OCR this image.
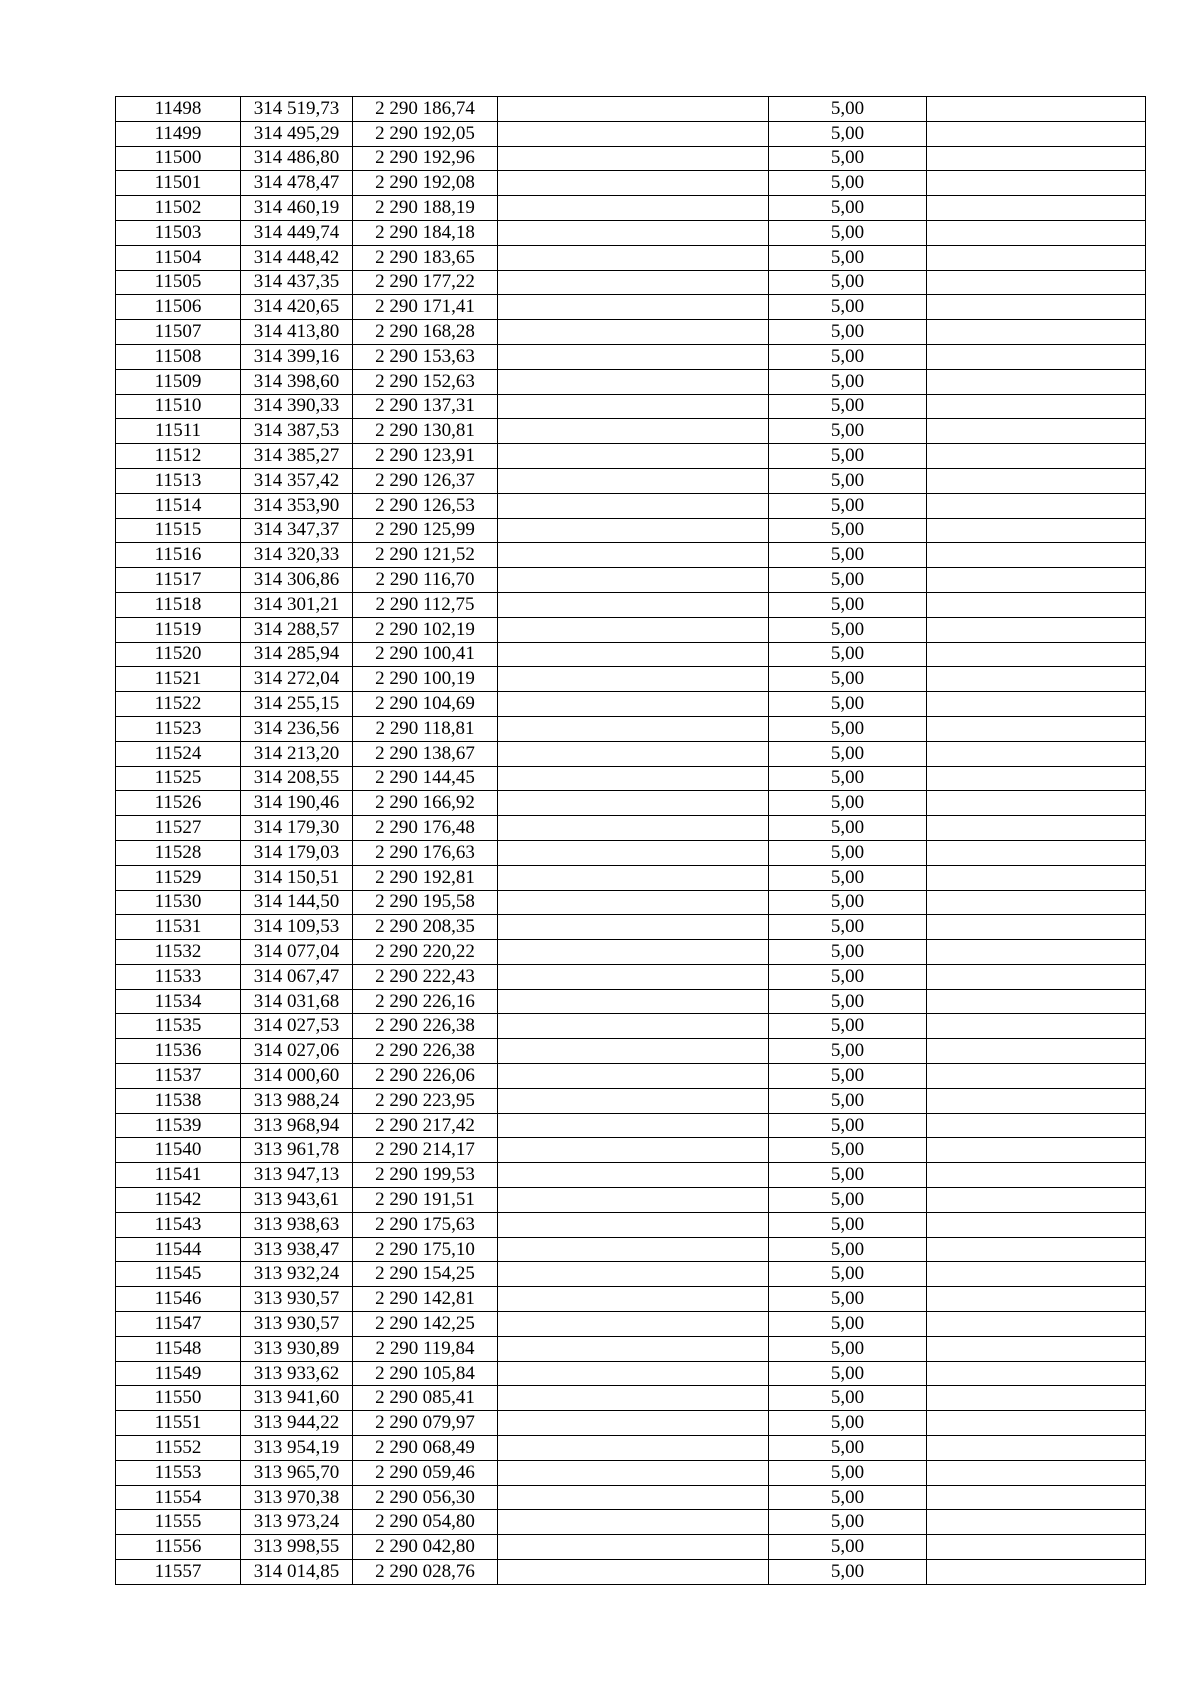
11498	314 519,73	2 290 186,74		5,00	
11499	314 495,29	2 290 192,05		5,00	
11500	314 486,80	2 290 192,96		5,00	
11501	314 478,47	2 290 192,08		5,00	
11502	314 460,19	2 290 188,19		5,00	
11503	314 449,74	2 290 184,18		5,00	
11504	314 448,42	2 290 183,65		5,00	
11505	314 437,35	2 290 177,22		5,00	
11506	314 420,65	2 290 171,41		5,00	
11507	314 413,80	2 290 168,28		5,00	
11508	314 399,16	2 290 153,63		5,00	
11509	314 398,60	2 290 152,63		5,00	
11510	314 390,33	2 290 137,31		5,00	
11511	314 387,53	2 290 130,81		5,00	
11512	314 385,27	2 290 123,91		5,00	
11513	314 357,42	2 290 126,37		5,00	
11514	314 353,90	2 290 126,53		5,00	
11515	314 347,37	2 290 125,99		5,00	
11516	314 320,33	2 290 121,52		5,00	
11517	314 306,86	2 290 116,70		5,00	
11518	314 301,21	2 290 112,75		5,00	
11519	314 288,57	2 290 102,19		5,00	
11520	314 285,94	2 290 100,41		5,00	
11521	314 272,04	2 290 100,19		5,00	
11522	314 255,15	2 290 104,69		5,00	
11523	314 236,56	2 290 118,81		5,00	
11524	314 213,20	2 290 138,67		5,00	
11525	314 208,55	2 290 144,45		5,00	
11526	314 190,46	2 290 166,92		5,00	
11527	314 179,30	2 290 176,48		5,00	
11528	314 179,03	2 290 176,63		5,00	
11529	314 150,51	2 290 192,81		5,00	
11530	314 144,50	2 290 195,58		5,00	
11531	314 109,53	2 290 208,35		5,00	
11532	314 077,04	2 290 220,22		5,00	
11533	314 067,47	2 290 222,43		5,00	
11534	314 031,68	2 290 226,16		5,00	
11535	314 027,53	2 290 226,38		5,00	
11536	314 027,06	2 290 226,38		5,00	
11537	314 000,60	2 290 226,06		5,00	
11538	313 988,24	2 290 223,95		5,00	
11539	313 968,94	2 290 217,42		5,00	
11540	313 961,78	2 290 214,17		5,00	
11541	313 947,13	2 290 199,53		5,00	
11542	313 943,61	2 290 191,51		5,00	
11543	313 938,63	2 290 175,63		5,00	
11544	313 938,47	2 290 175,10		5,00	
11545	313 932,24	2 290 154,25		5,00	
11546	313 930,57	2 290 142,81		5,00	
11547	313 930,57	2 290 142,25		5,00	
11548	313 930,89	2 290 119,84		5,00	
11549	313 933,62	2 290 105,84		5,00	
11550	313 941,60	2 290 085,41		5,00	
11551	313 944,22	2 290 079,97		5,00	
11552	313 954,19	2 290 068,49		5,00	
11553	313 965,70	2 290 059,46		5,00	
11554	313 970,38	2 290 056,30		5,00	
11555	313 973,24	2 290 054,80		5,00	
11556	313 998,55	2 290 042,80		5,00	
11557	314 014,85	2 290 028,76		5,00	
